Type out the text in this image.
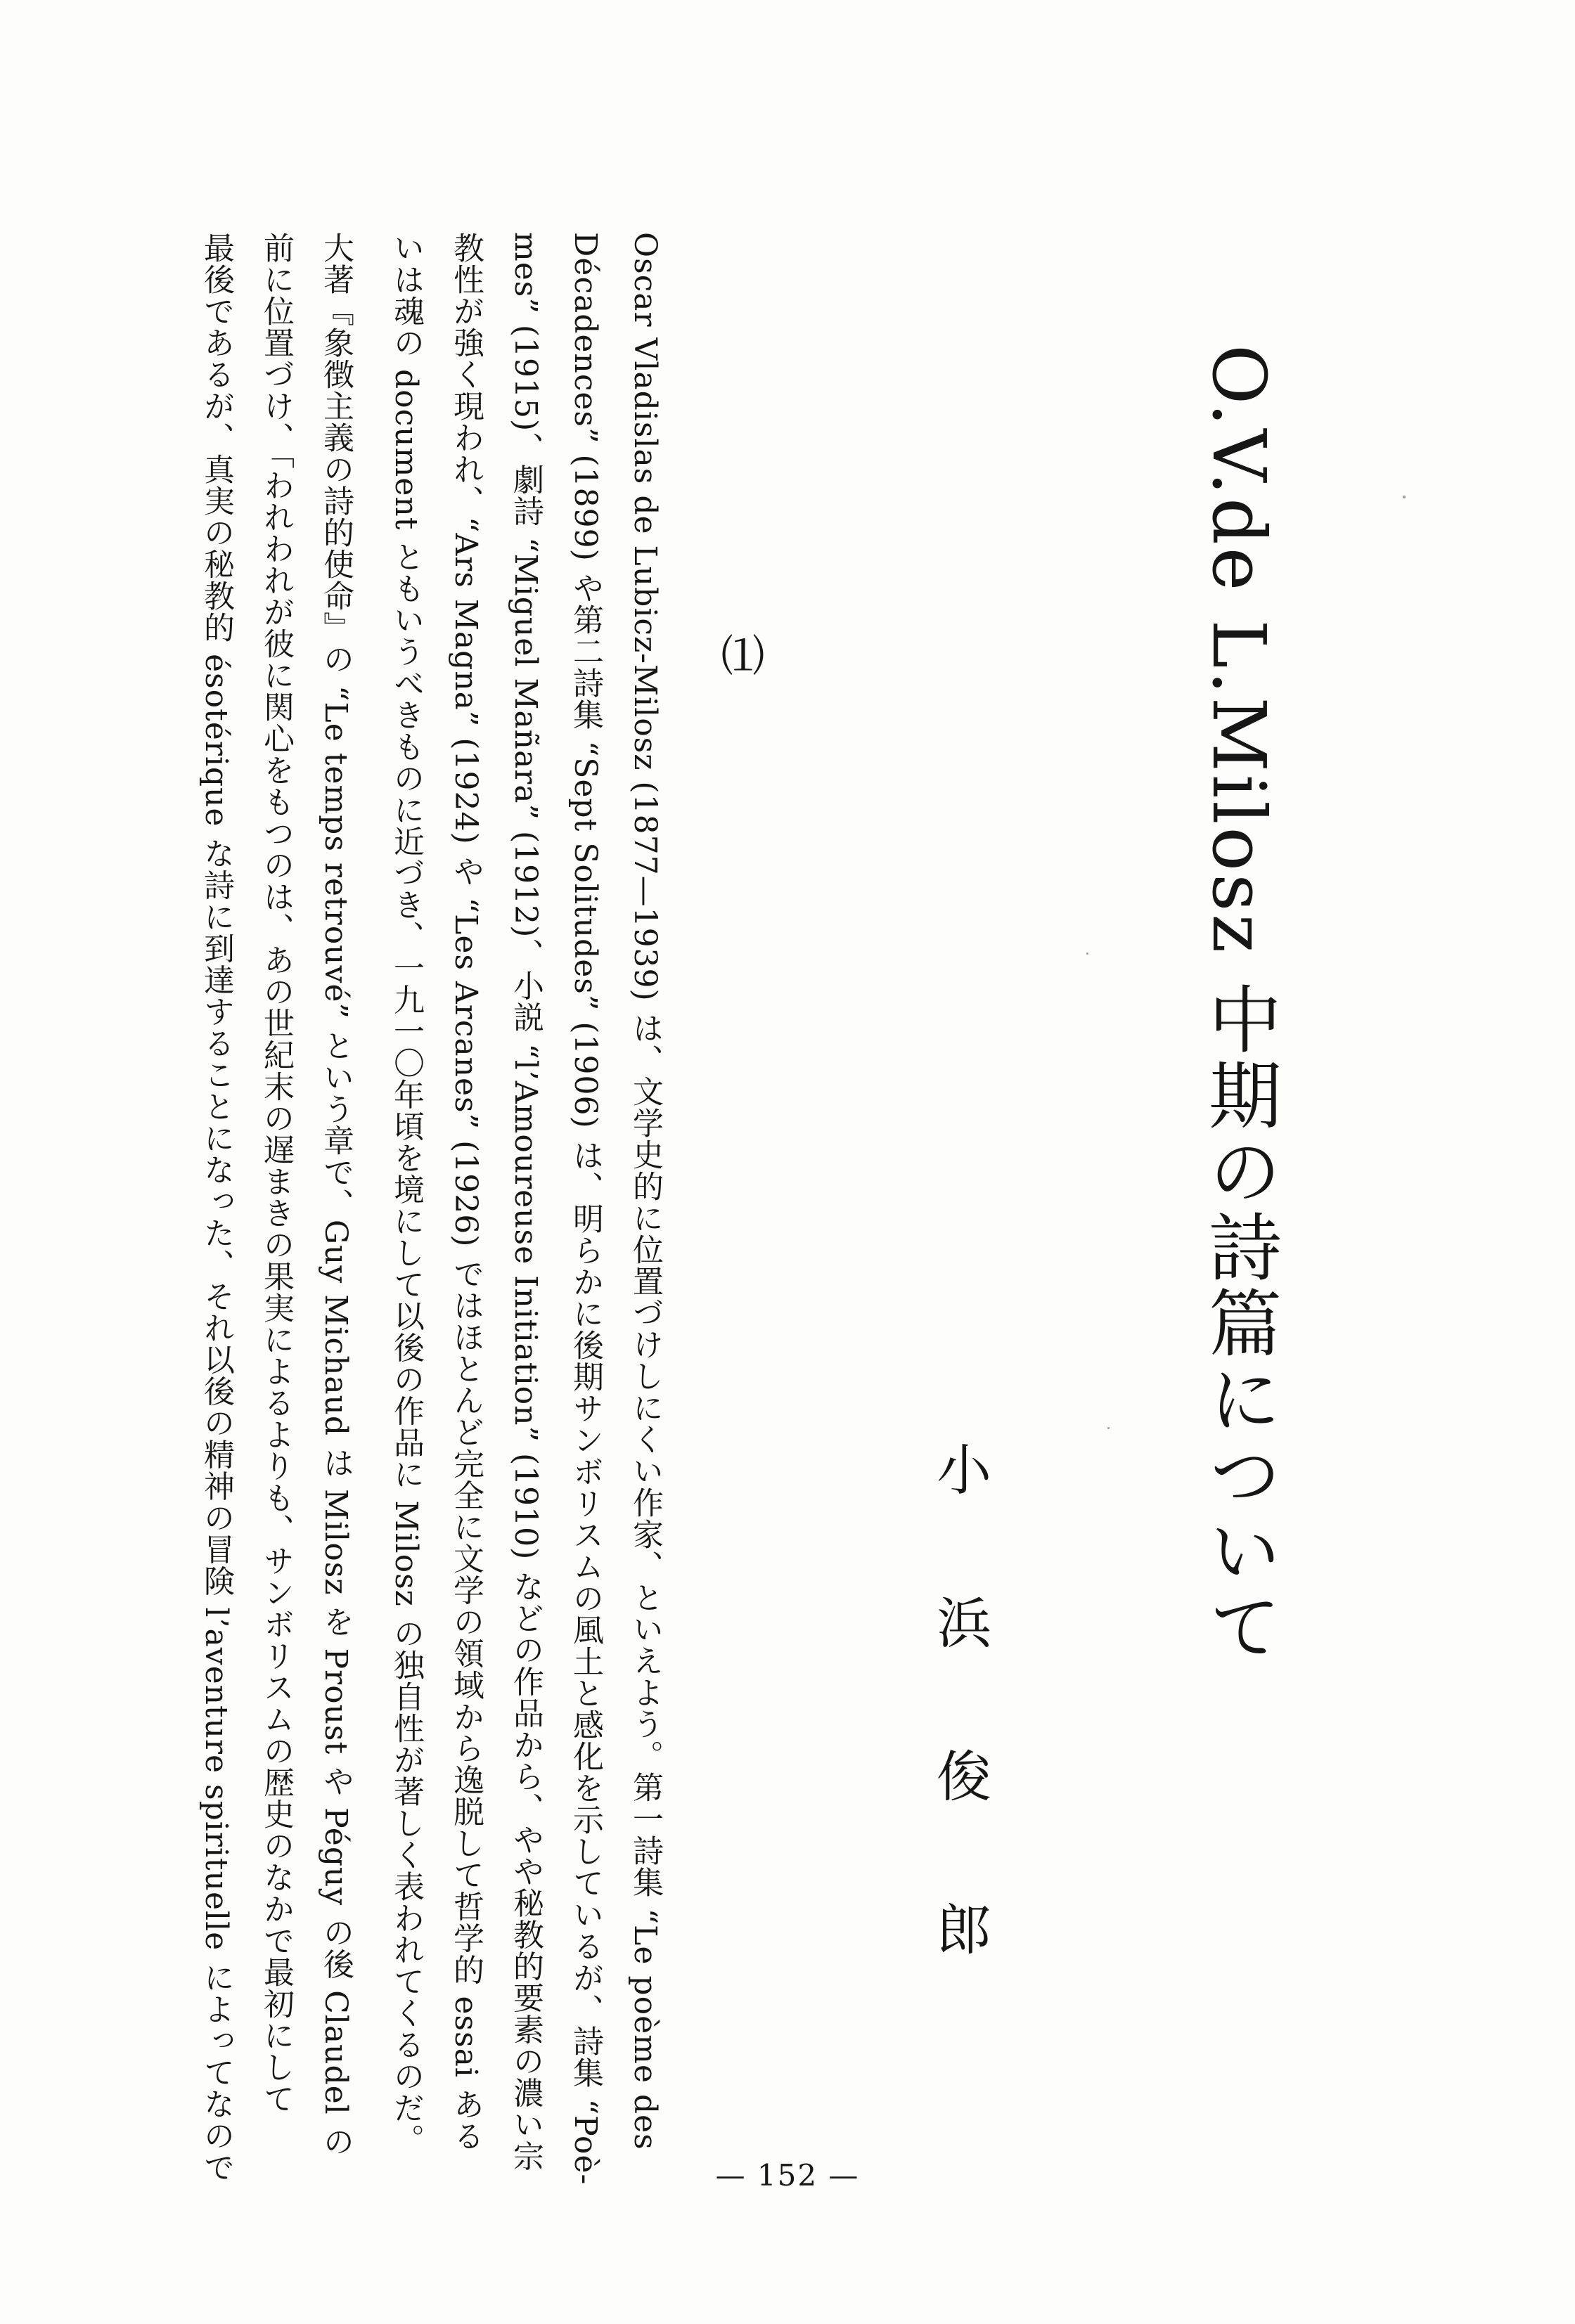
O.V.de L.Milosz 中期の詩篇について
小浜俊郎
⑴
Oscar Vladislas de Lubicz-Milosz (1877—1939) は、文学史的に位置づけしにくい作家、といえよう。第一詩集 “Le poème des
Décadences” (1899) や第二詩集 “Sept Solitudes” (1906) は、明らかに後期サンボリスムの風土と感化を示しているが、詩集 “Poè-
mes” (1915)、劇詩 “Miguel Mañara” (1912)、小説 “l’Amoureuse Initiation” (1910) などの作品から、やや秘教的要素の濃い宗
教性が強く現われ、“Ars Magna” (1924) や “Les Arcanes” (1926) ではほとんど完全に文学の領域から逸脱して哲学的 essai ある
いは魂の document ともいうべきものに近づき、一九一〇年頃を境にして以後の作品に Milosz の独自性が著しく表われてくるのだ。
大著『象徴主義の詩的使命』の “Le temps retrouvé” という章で、Guy Michaud は Milosz を Proust や Péguy の後 Claudel の
前に位置づけ、「われわれが彼に関心をもつのは、あの世紀末の遅まきの果実によるよりも、サンボリスムの歴史のなかで最初にして
最後であるが、真実の秘教的 ésotérique な詩に到達することになった、それ以後の精神の冒険 l’aventure spirituelle によってなので	— 152 —
